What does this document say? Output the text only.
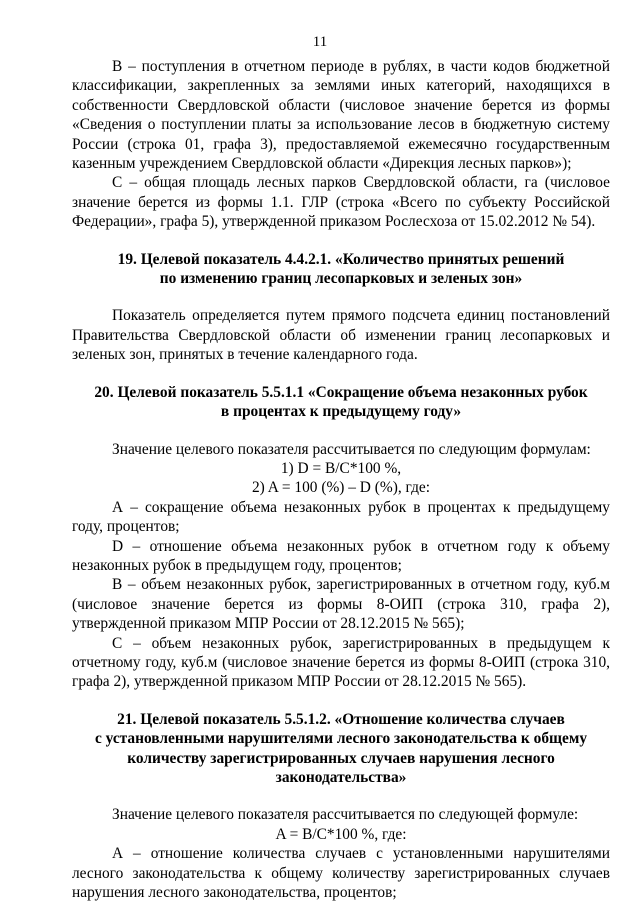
11

В – поступления в отчетном периоде в рублях, в части кодов бюджетной классификации, закрепленных за землями иных категорий, находящихся в собственности Свердловской области (числовое значение берется из формы «Сведения о поступлении платы за использование лесов в бюджетную систему России (строка 01, графа 3), предоставляемой ежемесячно государственным казенным учреждением Свердловской области «Дирекция лесных парков»);

С – общая площадь лесных парков Свердловской области, га (числовое значение берется из формы 1.1. ГЛР (строка «Всего по субъекту Российской Федерации», графа 5), утвержденной приказом Рослесхоза от 15.02.2012 № 54).

19. Целевой показатель 4.4.2.1. «Количество принятых решений
по изменению границ лесопарковых и зеленых зон»

Показатель определяется путем прямого подсчета единиц постановлений Правительства Свердловской области об изменении границ лесопарковых и зеленых зон, принятых в течение календарного года.

20. Целевой показатель 5.5.1.1 «Сокращение объема незаконных рубок
в процентах к предыдущему году»

Значение целевого показателя рассчитывается по следующим формулам:

1) D = B/C*100 %,

2) A = 100 (%) – D (%), где:

А – сокращение объема незаконных рубок в процентах к предыдущему году, процентов;

D – отношение объема незаконных рубок в отчетном году к объему незаконных рубок в предыдущем году, процентов;

В – объем незаконных рубок, зарегистрированных в отчетном году, куб.м (числовое значение берется из формы 8-ОИП (строка 310, графа 2), утвержденной приказом МПР России от 28.12.2015 № 565);

С – объем незаконных рубок, зарегистрированных в предыдущем к отчетному году, куб.м (числовое значение берется из формы 8-ОИП (строка 310, графа 2), утвержденной приказом МПР России от 28.12.2015 № 565).

21. Целевой показатель 5.5.1.2. «Отношение количества случаев
с установленными нарушителями лесного законодательства к общему
количеству зарегистрированных случаев нарушения лесного
законодательства»

Значение целевого показателя рассчитывается по следующей формуле:

A = B/C*100 %, где:

А – отношение количества случаев с установленными нарушителями лесного законодательства к общему количеству зарегистрированных случаев нарушения лесного законодательства, процентов;
